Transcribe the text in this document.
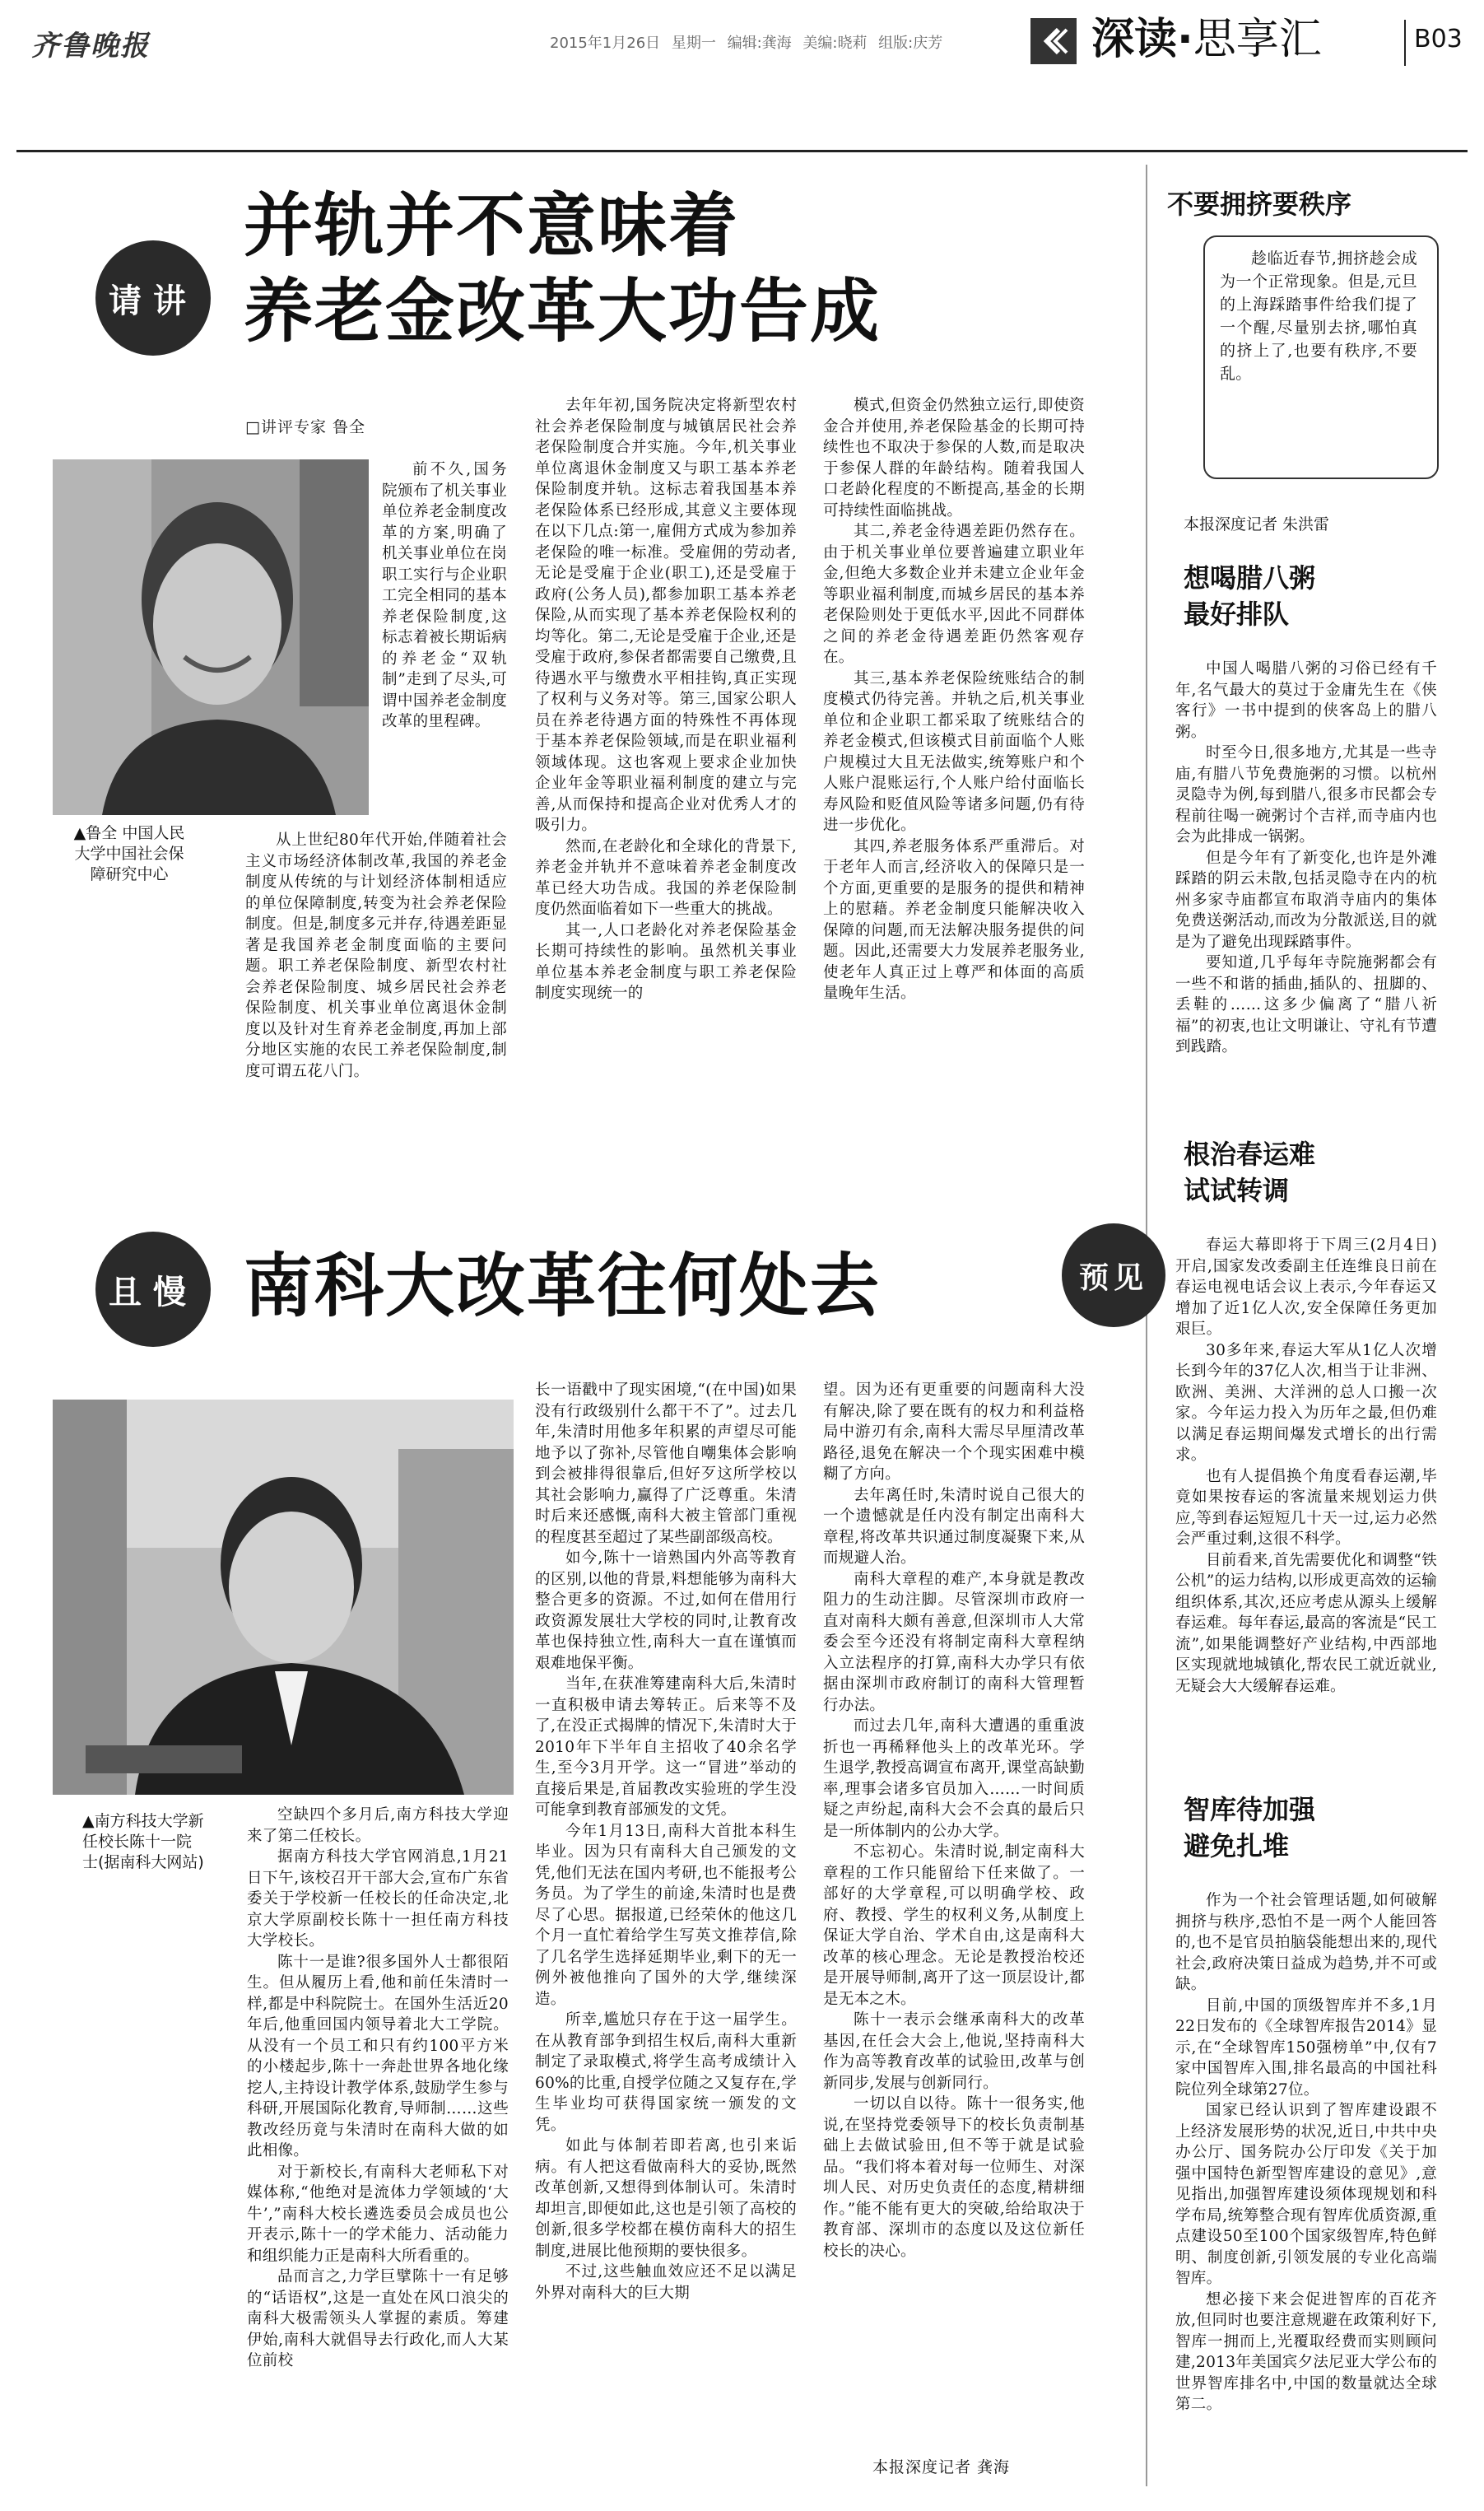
齐鲁晚报	2015年1月26日 星期一 编辑:龚海 美编:晓莉 组版:庆芳	深读·思享汇	B03
请讲
并轨并不意味着
养老金改革大功告成
□讲评专家 鲁全
▲鲁全 中国人民大学中国社会保障研究中心

前不久,国务院颁布了机关事业单位养老金制度改革的方案,明确了机关事业单位在岗职工实行与企业职工完全相同的基本养老保险制度,这标志着被长期诟病的养老金“双轨制”走到了尽头,可谓中国养老金制度改革的里程碑。

从上世纪80年代开始,伴随着社会主义市场经济体制改革,我国的养老金制度从传统的与计划经济体制相适应的单位保障制度,转变为社会养老保险制度。但是,制度多元并存,待遇差距显著是我国养老金制度面临的主要问题。职工养老保险制度、新型农村社会养老保险制度、城乡居民社会养老保险制度、机关事业单位离退休金制度以及针对生育养老金制度,再加上部分地区实施的农民工养老保险制度,制度可谓五花八门。

去年年初,国务院决定将新型农村社会养老保险制度与城镇居民社会养老保险制度合并实施。今年,机关事业单位离退休金制度又与职工基本养老保险制度并轨。这标志着我国基本养老保险体系已经形成,其意义主要体现在以下几点:第一,雇佣方式成为参加养老保险的唯一标准。受雇佣的劳动者,无论是受雇于企业(职工),还是受雇于政府(公务人员),都参加职工基本养老保险,从而实现了基本养老保险权利的均等化。第二,无论是受雇于企业,还是受雇于政府,参保者都需要自己缴费,且待遇水平与缴费水平相挂钩,真正实现了权利与义务对等。第三,国家公职人员在养老待遇方面的特殊性不再体现于基本养老保险领域,而是在职业福利领域体现。这也客观上要求企业加快企业年金等职业福利制度的建立与完善,从而保持和提高企业对优秀人才的吸引力。

然而,在老龄化和全球化的背景下,养老金并轨并不意味着养老金制度改革已经大功告成。我国的养老保险制度仍然面临着如下一些重大的挑战。

其一,人口老龄化对养老保险基金长期可持续性的影响。虽然机关事业单位基本养老金制度与职工养老保险制度实现统一的

模式,但资金仍然独立运行,即使资金合并使用,养老保险基金的长期可持续性也不取决于参保的人数,而是取决于参保人群的年龄结构。随着我国人口老龄化程度的不断提高,基金的长期可持续性面临挑战。

其二,养老金待遇差距仍然存在。由于机关事业单位要普遍建立职业年金,但绝大多数企业并未建立企业年金等职业福利制度,而城乡居民的基本养老保险则处于更低水平,因此不同群体之间的养老金待遇差距仍然客观存在。

其三,基本养老保险统账结合的制度模式仍待完善。并轨之后,机关事业单位和企业职工都采取了统账结合的养老金模式,但该模式目前面临个人账户规模过大且无法做实,统筹账户和个人账户混账运行,个人账户给付面临长寿风险和贬值风险等诸多问题,仍有待进一步优化。

其四,养老服务体系严重滞后。对于老年人而言,经济收入的保障只是一个方面,更重要的是服务的提供和精神上的慰藉。养老金制度只能解决收入保障的问题,而无法解决服务提供的问题。因此,还需要大力发展养老服务业,使老年人真正过上尊严和体面的高质量晚年生活。

且慢 南科大改革往何处去
▲南方科技大学新任校长陈十一院士(据南科大网站)

空缺四个多月后,南方科技大学迎来了第二任校长。

据南方科技大学官网消息,1月21日下午,该校召开干部大会,宣布广东省委关于学校新一任校长的任命决定,北京大学原副校长陈十一担任南方科技大学校长。

陈十一是谁?很多国外人士都很陌生。但从履历上看,他和前任朱清时一样,都是中科院院士。在国外生活近20年后,他重回国内领导着北大工学院。从没有一个员工和只有约100平方米的小楼起步,陈十一奔赴世界各地化缘挖人,主持设计教学体系,鼓励学生参与科研,开展国际化教育,导师制……这些教改经历竟与朱清时在南科大做的如此相像。

对于新校长,有南科大老师私下对媒体称,“他绝对是流体力学领域的‘大牛’,”南科大校长遴选委员会成员也公开表示,陈十一的学术能力、活动能力和组织能力正是南科大所看重的。

品而言之,力学巨擘陈十一有足够的“话语权”,这是一直处在风口浪尖的南科大极需领头人掌握的素质。筹建伊始,南科大就倡导去行政化,而人大某位前校

长一语戳中了现实困境,“(在中国)如果没有行政级别什么都干不了”。过去几年,朱清时用他多年积累的声望尽可能地予以了弥补,尽管他自嘲集体会影响到会被排得很靠后,但好歹这所学校以其社会影响力,赢得了广泛尊重。朱清时后来还感慨,南科大被主管部门重视的程度甚至超过了某些副部级高校。

如今,陈十一谙熟国内外高等教育的区别,以他的背景,料想能够为南科大整合更多的资源。不过,如何在借用行政资源发展壮大学校的同时,让教育改革也保持独立性,南科大一直在谨慎而艰难地保平衡。

当年,在获准筹建南科大后,朱清时一直积极申请去筹转正。后来等不及了,在没正式揭牌的情况下,朱清时大于2010年下半年自主招收了40余名学生,至今3月开学。这一“冒进”举动的直接后果是,首届教改实验班的学生没可能拿到教育部颁发的文凭。

今年1月13日,南科大首批本科生毕业。因为只有南科大自己颁发的文凭,他们无法在国内考研,也不能报考公务员。为了学生的前途,朱清时也是费尽了心思。据报道,已经荣休的他这几个月一直忙着给学生写英文推荐信,除了几名学生选择延期毕业,剩下的无一例外被他推向了国外的大学,继续深造。

所幸,尴尬只存在于这一届学生。在从教育部争到招生权后,南科大重新制定了录取模式,将学生高考成绩计入60%的比重,自授学位随之又复存在,学生毕业均可获得国家统一颁发的文凭。

如此与体制若即若离,也引来诟病。有人把这看做南科大的妥协,既然改革创新,又想得到体制认可。朱清时却坦言,即便如此,这也是引领了高校的创新,很多学校都在模仿南科大的招生制度,进展比他预期的要快很多。

不过,这些触血效应还不足以满足外界对南科大的巨大期

望。因为还有更重要的问题南科大没有解决,除了要在既有的权力和利益格局中游刃有余,南科大需尽早厘清改革路径,退免在解决一个个现实困难中模糊了方向。

去年离任时,朱清时说自己很大的一个遗憾就是任内没有制定出南科大章程,将改革共识通过制度凝聚下来,从而规避人治。

南科大章程的难产,本身就是教改阻力的生动注脚。尽管深圳市政府一直对南科大颇有善意,但深圳市人大常委会至今还没有将制定南科大章程纳入立法程序的打算,南科大办学只有依据由深圳市政府制订的南科大管理暂行办法。

而过去几年,南科大遭遇的重重波折也一再稀释他头上的改革光环。学生退学,教授高调宣布离开,课堂高缺勤率,理事会诸多官员加入……一时间质疑之声纷起,南科大会不会真的最后只是一所体制内的公办大学。

不忘初心。朱清时说,制定南科大章程的工作只能留给下任来做了。一部好的大学章程,可以明确学校、政府、教授、学生的权利义务,从制度上保证大学自治、学术自由,这是南科大改革的核心理念。无论是教授治校还是开展导师制,离开了这一顶层设计,都是无本之木。

陈十一表示会继承南科大的改革基因,在任会大会上,他说,坚持南科大作为高等教育改革的试验田,改革与创新同步,发展与创新同行。

一切以自以待。陈十一很务实,他说,在坚持党委领导下的校长负责制基础上去做试验田,但不等于就是试验品。“我们将本着对每一位师生、对深圳人民、对历史负责任的态度,精耕细作。”能不能有更大的突破,给给取决于教育部、深圳市的态度以及这位新任校长的决心。

本报深度记者 龚海
预见
不要拥挤要秩序
趁临近春节,拥挤趁会成为一个正常现象。但是,元旦的上海踩踏事件给我们提了一个醒,尽量别去挤,哪怕真的挤上了,也要有秩序,不要乱。
本报深度记者 朱洪雷
想喝腊八粥
最好排队

中国人喝腊八粥的习俗已经有千年,名气最大的莫过于金庸先生在《侠客行》一书中提到的侠客岛上的腊八粥。

时至今日,很多地方,尤其是一些寺庙,有腊八节免费施粥的习惯。以杭州灵隐寺为例,每到腊八,很多市民都会专程前往喝一碗粥讨个吉祥,而寺庙内也会为此排成一锅粥。

但是今年有了新变化,也许是外滩踩踏的阴云未散,包括灵隐寺在内的杭州多家寺庙都宣布取消寺庙内的集体免费送粥活动,而改为分散派送,目的就是为了避免出现踩踏事件。

要知道,几乎每年寺院施粥都会有一些不和谐的插曲,插队的、扭脚的、丢鞋的……这多少偏离了“腊八祈福”的初衷,也让文明谦让、守礼有节遭到践踏。

根治春运难
试试转调

春运大幕即将于下周三(2月4日)开启,国家发改委副主任连维良日前在春运电视电话会议上表示,今年春运又增加了近1亿人次,安全保障任务更加艰巨。

30多年来,春运大军从1亿人次增长到今年的37亿人次,相当于让非洲、欧洲、美洲、大洋洲的总人口搬一次家。今年运力投入为历年之最,但仍难以满足春运期间爆发式增长的出行需求。

也有人提倡换个角度看春运潮,毕竟如果按春运的客流量来规划运力供应,等到春运短短几十天一过,运力必然会严重过剩,这很不科学。

目前看来,首先需要优化和调整“铁公机”的运力结构,以形成更高效的运输组织体系,其次,还应考虑从源头上缓解春运难。每年春运,最高的客流是“民工流”,如果能调整好产业结构,中西部地区实现就地城镇化,帮农民工就近就业,无疑会大大缓解春运难。

智库待加强
避免扎堆

作为一个社会管理话题,如何破解拥挤与秩序,恐怕不是一两个人能回答的,也不是官员拍脑袋能想出来的,现代社会,政府决策日益成为趋势,并不可或缺。

目前,中国的顶级智库并不多,1月22日发布的《全球智库报告2014》显示,在“全球智库150强榜单”中,仅有7家中国智库入围,排名最高的中国社科院位列全球第27位。

国家已经认识到了智库建设跟不上经济发展形势的状况,近日,中共中央办公厅、国务院办公厅印发《关于加强中国特色新型智库建设的意见》,意见指出,加强智库建设须体现规划和科学布局,统筹整合现有智库优质资源,重点建设50至100个国家级智库,特色鲜明、制度创新,引领发展的专业化高端智库。

想必接下来会促进智库的百花齐放,但同时也要注意规避在政策利好下,智库一拥而上,光覆取经费而实则顾问建,2013年美国宾夕法尼亚大学公布的世界智库排名中,中国的数量就达全球第二。
